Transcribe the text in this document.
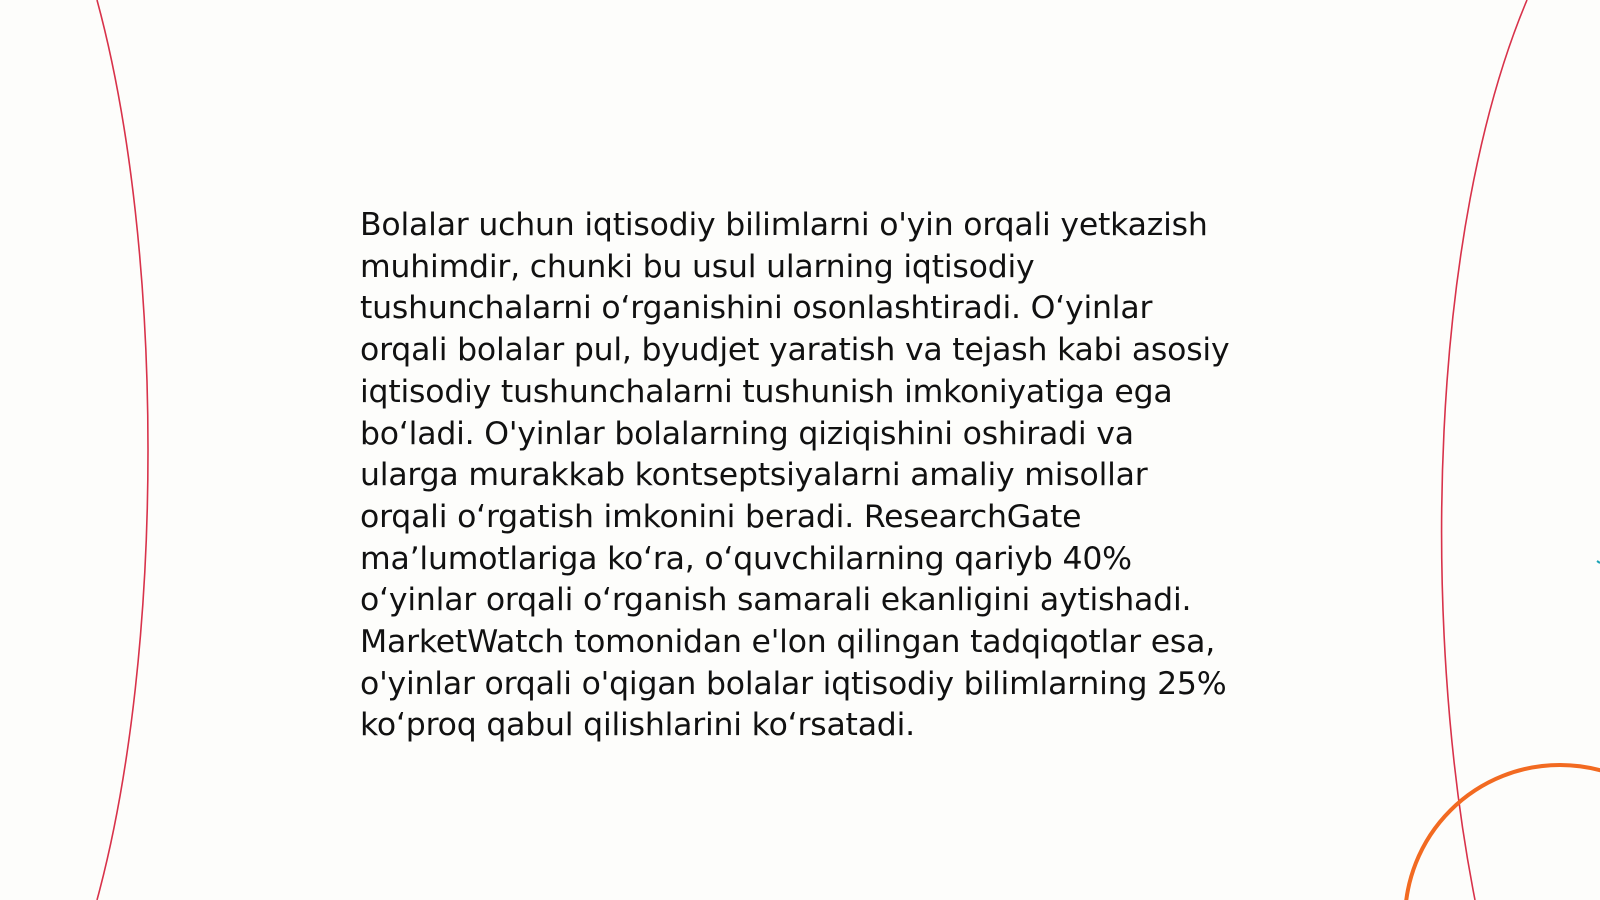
Bolalar uchun iqtisodiy bilimlarni o'yin orqali yetkazish muhimdir, chunki bu usul ularning iqtisodiy tushunchalarni o‘rganishini osonlashtiradi. O‘yinlar orqali bolalar pul, byudjet yaratish va tejash kabi asosiy iqtisodiy tushunchalarni tushunish imkoniyatiga ega bo‘ladi. O'yinlar bolalarning qiziqishini oshiradi va ularga murakkab kontseptsiyalarni amaliy misollar orqali o‘rgatish imkonini beradi. ResearchGate ma’lumotlariga ko‘ra, o‘quvchilarning qariyb 40% o‘yinlar orqali o‘rganish samarali ekanligini aytishadi. MarketWatch tomonidan e'lon qilingan tadqiqotlar esa, o'yinlar orqali o'qigan bolalar iqtisodiy bilimlarning 25% ko‘proq qabul qilishlarini ko‘rsatadi.
